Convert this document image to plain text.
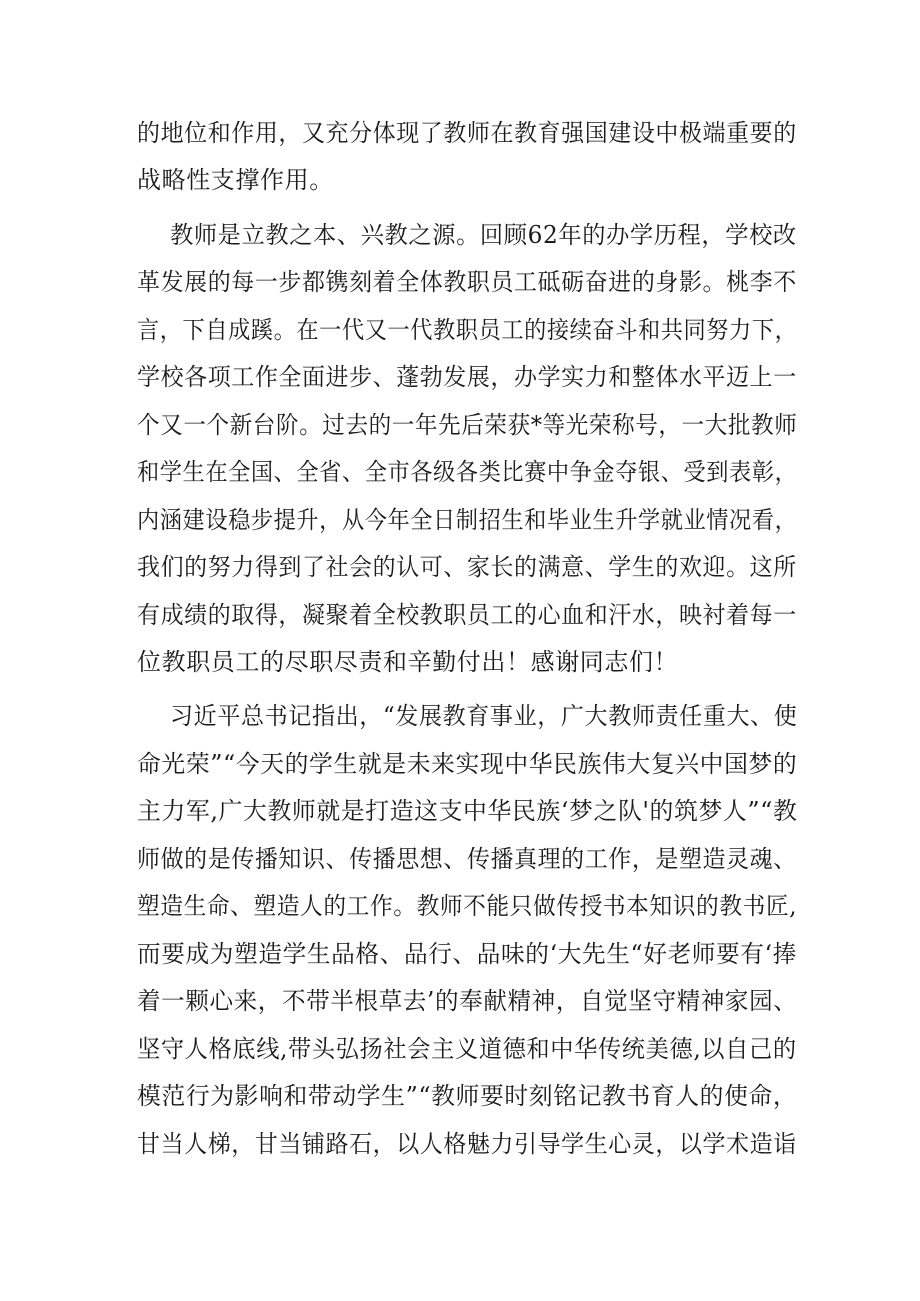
的地位和作用，又充分体现了教师在教育强国建设中极端重要的
战略性支撑作用。
教师是立教之本、兴教之源。回顾62年的办学历程，学校改
革发展的每一步都镌刻着全体教职员工砥砺奋进的身影。桃李不
言，下自成蹊。在一代又一代教职员工的接续奋斗和共同努力下，
学校各项工作全面进步、蓬勃发展，办学实力和整体水平迈上一
个又一个新台阶。过去的一年先后荣获*等光荣称号，一大批教师
和学生在全国、全省、全市各级各类比赛中争金夺银、受到表彰，
内涵建设稳步提升，从今年全日制招生和毕业生升学就业情况看，
我们的努力得到了社会的认可、家长的满意、学生的欢迎。这所
有成绩的取得，凝聚着全校教职员工的心血和汗水，映衬着每一
位教职员工的尽职尽责和辛勤付出！感谢同志们！
习近平总书记指出，“发展教育事业，广大教师责任重大、使
命光荣”“今天的学生就是未来实现中华民族伟大复兴中国梦的
主力军,广大教师就是打造这支中华民族‘梦之队'的筑梦人”“教
师做的是传播知识、传播思想、传播真理的工作，是塑造灵魂、
塑造生命、塑造人的工作。教师不能只做传授书本知识的教书匠,
而要成为塑造学生品格、品行、品味的‘大先生“好老师要有‘捧
着一颗心来，不带半根草去’的奉献精神，自觉坚守精神家园、
坚守人格底线,带头弘扬社会主义道德和中华传统美德,以自己的
模范行为影响和带动学生”“教师要时刻铭记教书育人的使命，
甘当人梯，甘当铺路石，以人格魅力引导学生心灵，以学术造诣
